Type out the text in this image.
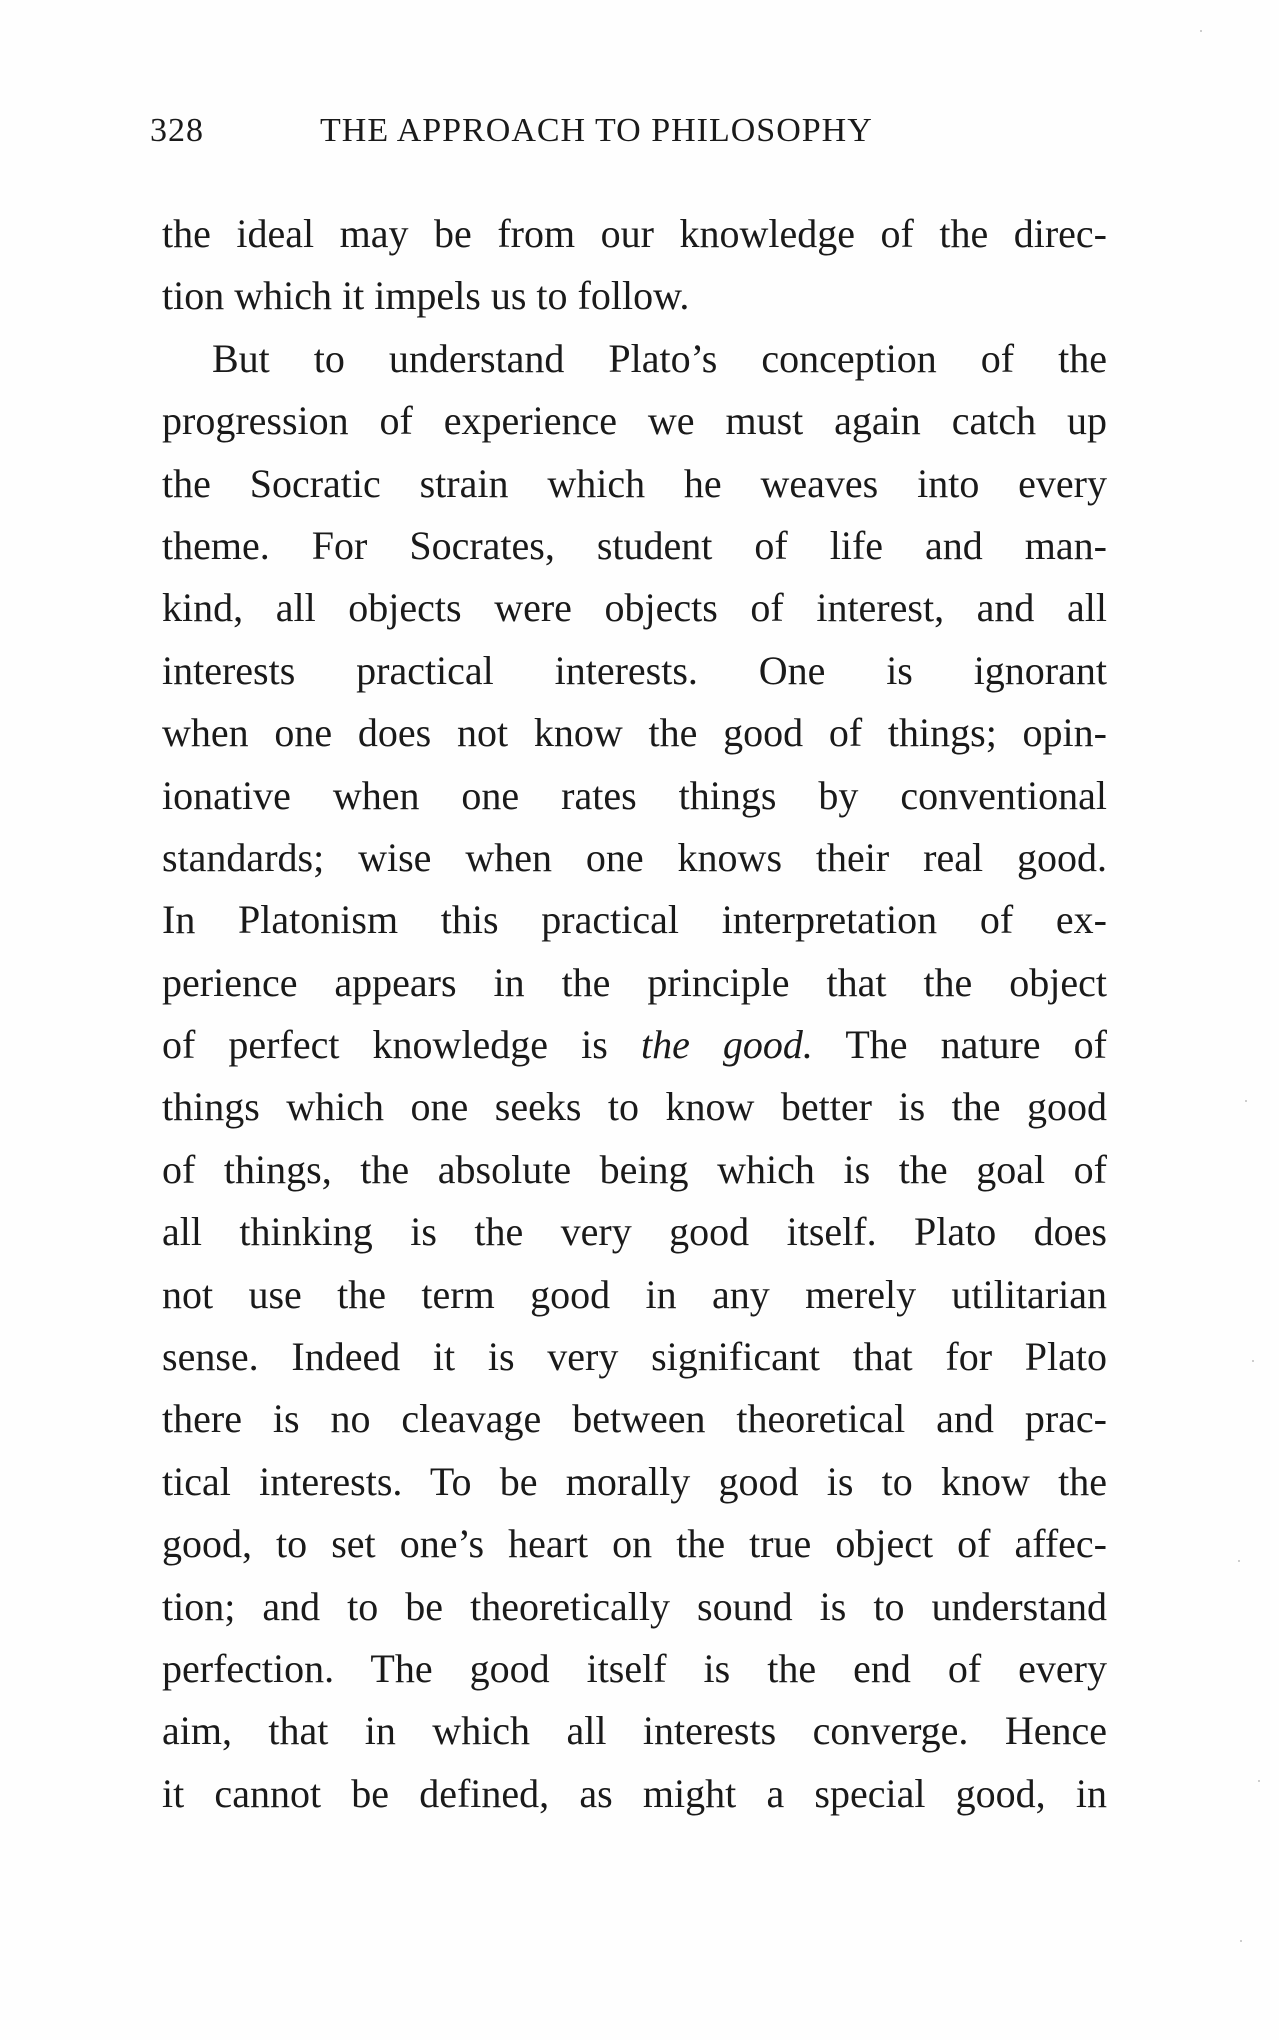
328	THE APPROACH TO PHILOSOPHY
the ideal may be from our knowledge of the direc-
tion which it impels us to follow.
But to understand Plato’s conception of the
progression of experience we must again catch up
the Socratic strain which he weaves into every
theme. For Socrates, student of life and man-
kind, all objects were objects of interest, and all
interests practical interests. One is ignorant
when one does not know the good of things; opin-
ionative when one rates things by conventional
standards; wise when one knows their real good.
In Platonism this practical interpretation of ex-
perience appears in the principle that the object
of perfect knowledge is the good. The nature of
things which one seeks to know better is the good
of things, the absolute being which is the goal of
all thinking is the very good itself. Plato does
not use the term good in any merely utilitarian
sense. Indeed it is very significant that for Plato
there is no cleavage between theoretical and prac-
tical interests. To be morally good is to know the
good, to set one’s heart on the true object of affec-
tion; and to be theoretically sound is to understand
perfection. The good itself is the end of every
aim, that in which all interests converge. Hence
it cannot be defined, as might a special good, in
